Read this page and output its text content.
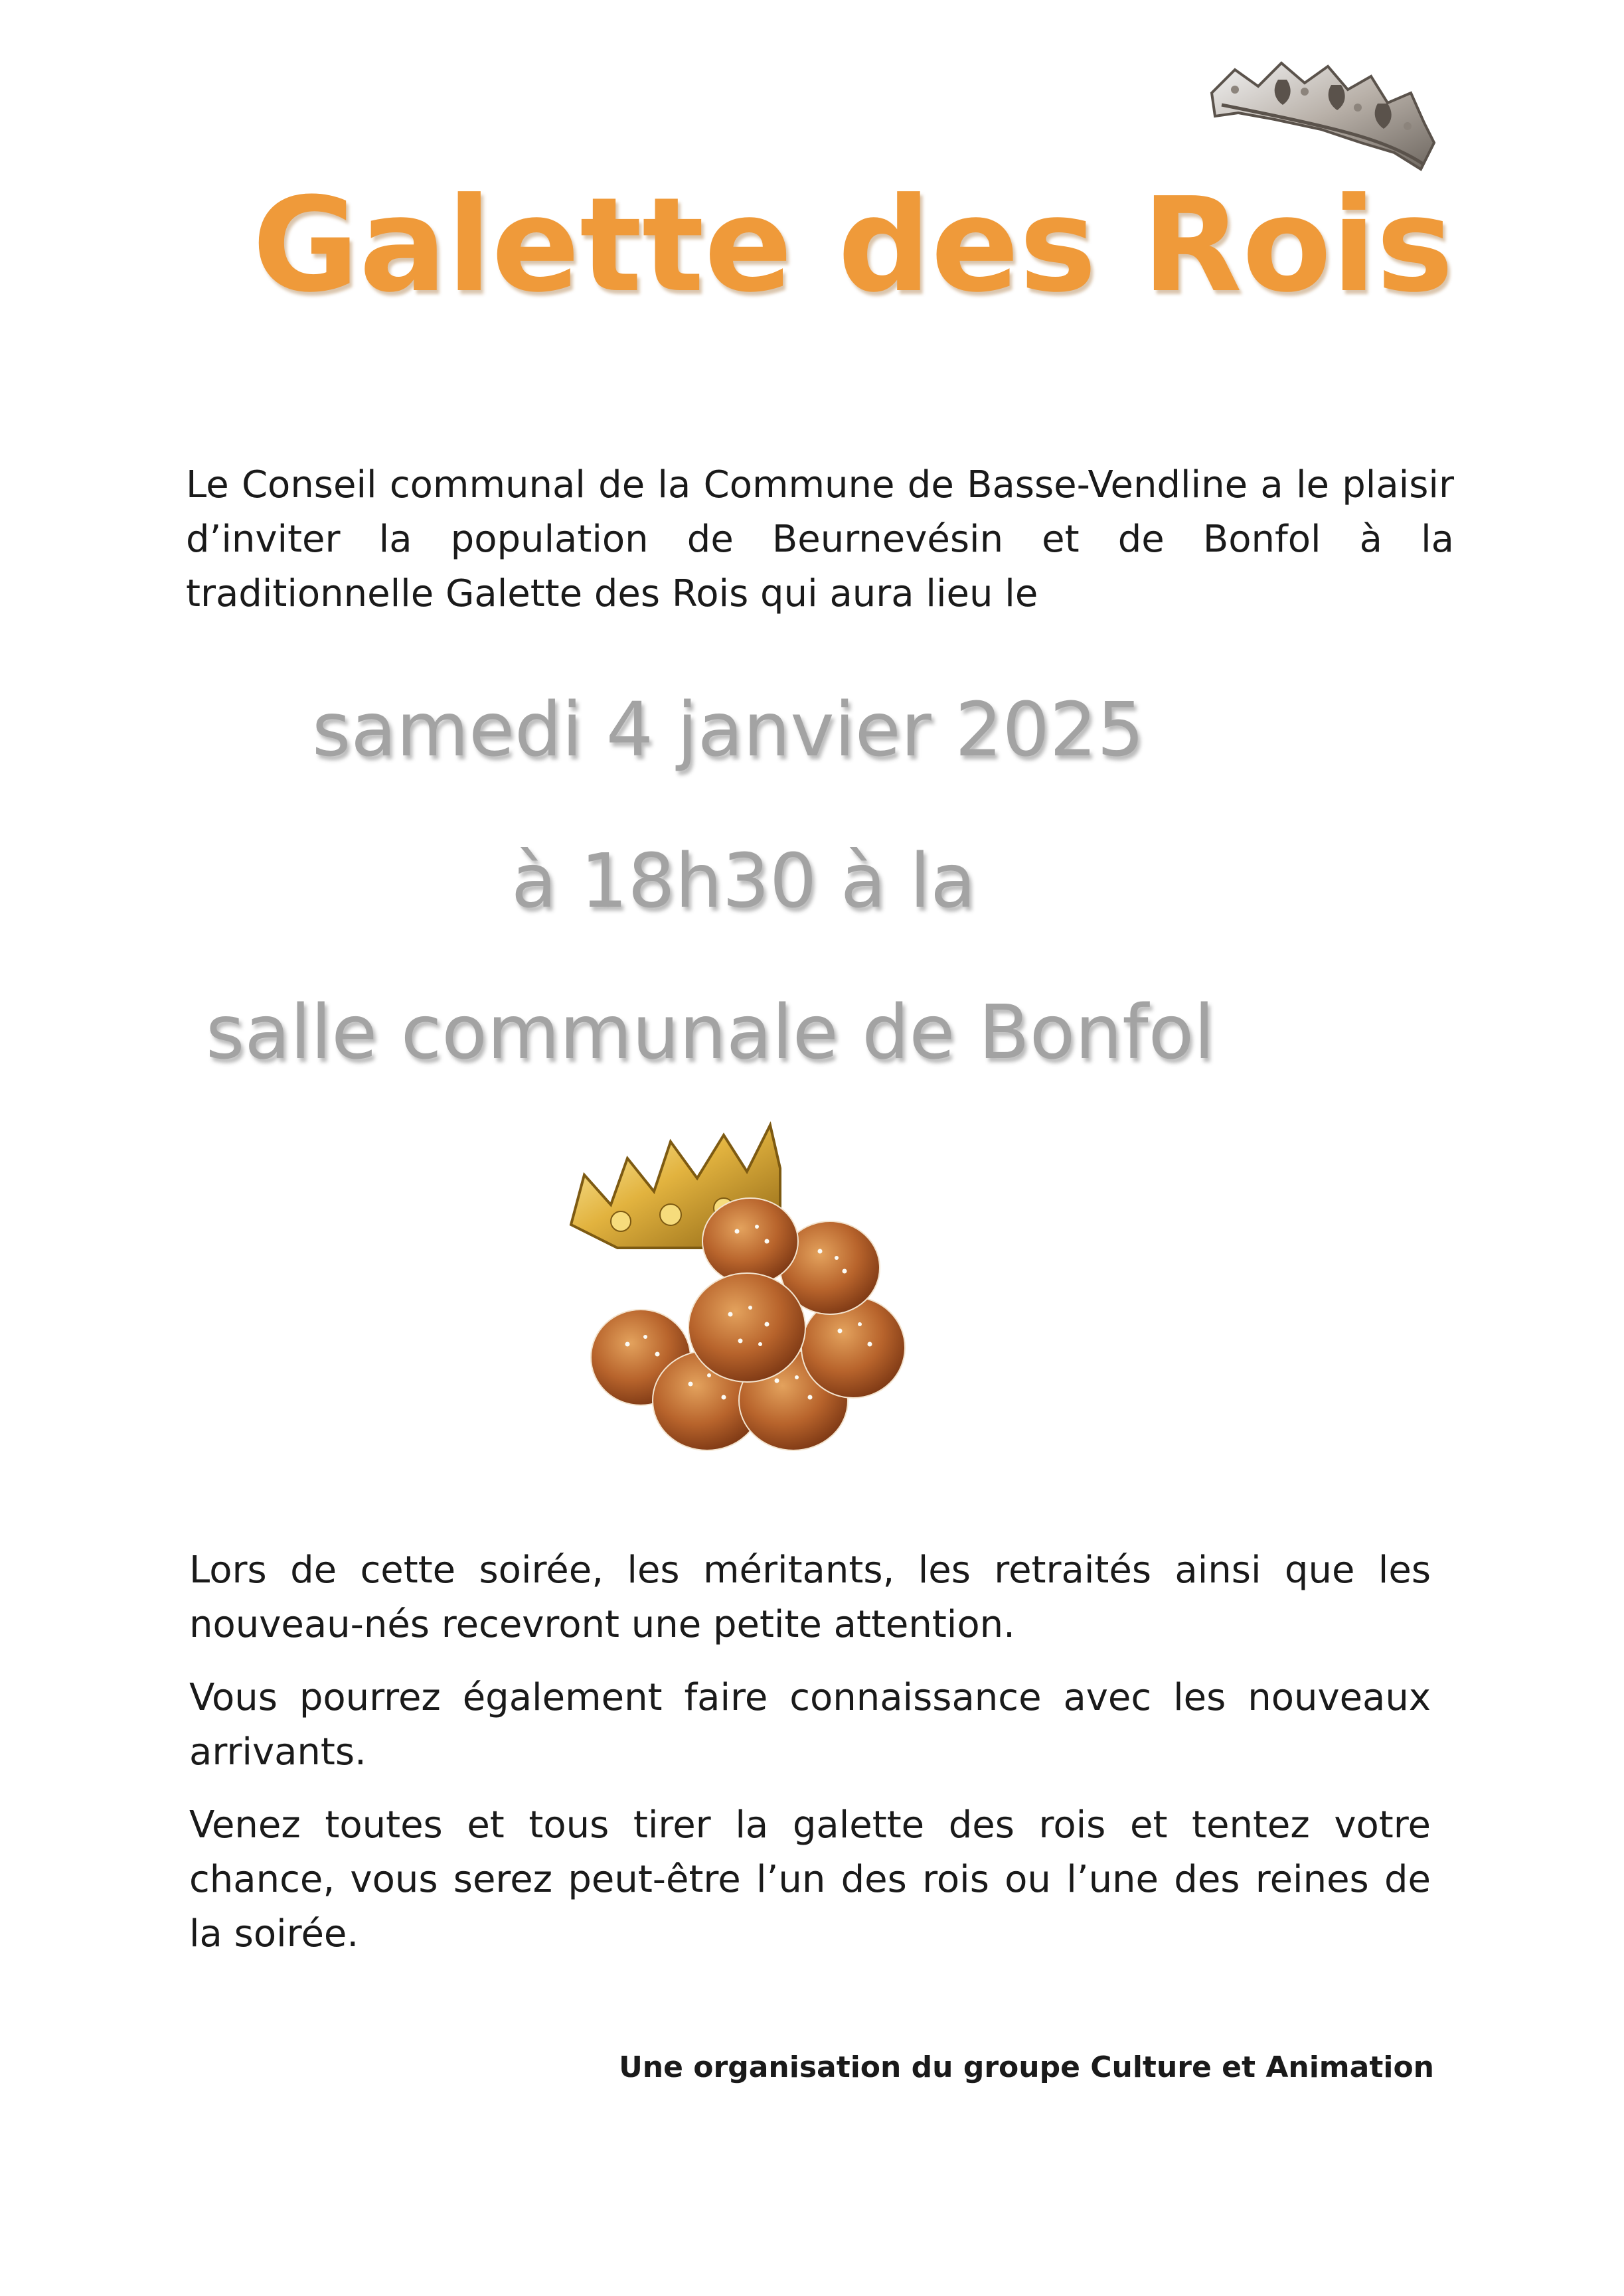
Galette des Rois

Le Conseil communal de la Commune de Basse-Vendline a le plaisir d’inviter la population de Beurnevésin et de Bonfol à la traditionnelle Galette des Rois qui aura lieu le

samedi 4 janvier 2025
à 18h30 à la
salle communale de Bonfol

Lors de cette soirée, les méritants, les retraités ainsi que les nouveau-nés recevront une petite attention.

Vous pourrez également faire connaissance avec les nouveaux arrivants.

Venez toutes et tous tirer la galette des rois et tentez votre chance, vous serez peut-être l’un des rois ou l’une des reines de la soirée.

Une organisation du groupe Culture et Animation
